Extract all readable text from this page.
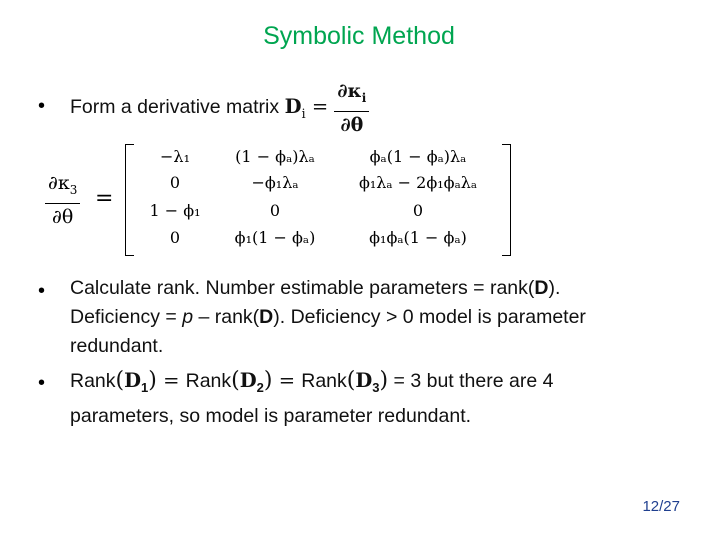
Symbolic Method
• Form a derivative matrix $D_i = \frac{\partial\kappa_i}{\partial\theta}$
$\frac{\partial\kappa_3}{\partial\theta}$ =
−λ₁	(1 − ϕₐ)λₐ	ϕₐ(1 − ϕₐ)λₐ
0	−ϕ₁λₐ	ϕ₁λₐ − 2ϕ₁ϕₐλₐ
1 − ϕ₁	0	0
0	ϕ₁(1 − ϕₐ)	ϕ₁ϕₐ(1 − ϕₐ)
• Calculate rank. Number estimable parameters = rank(D).
Deficiency = p – rank(D). Deficiency > 0 model is parameter
redundant.
• $Rank(D_1)$ = $Rank(D_2)$ = $Rank(D_3) = 3$ but there are 4
parameters, so model is parameter redundant.
12/27
